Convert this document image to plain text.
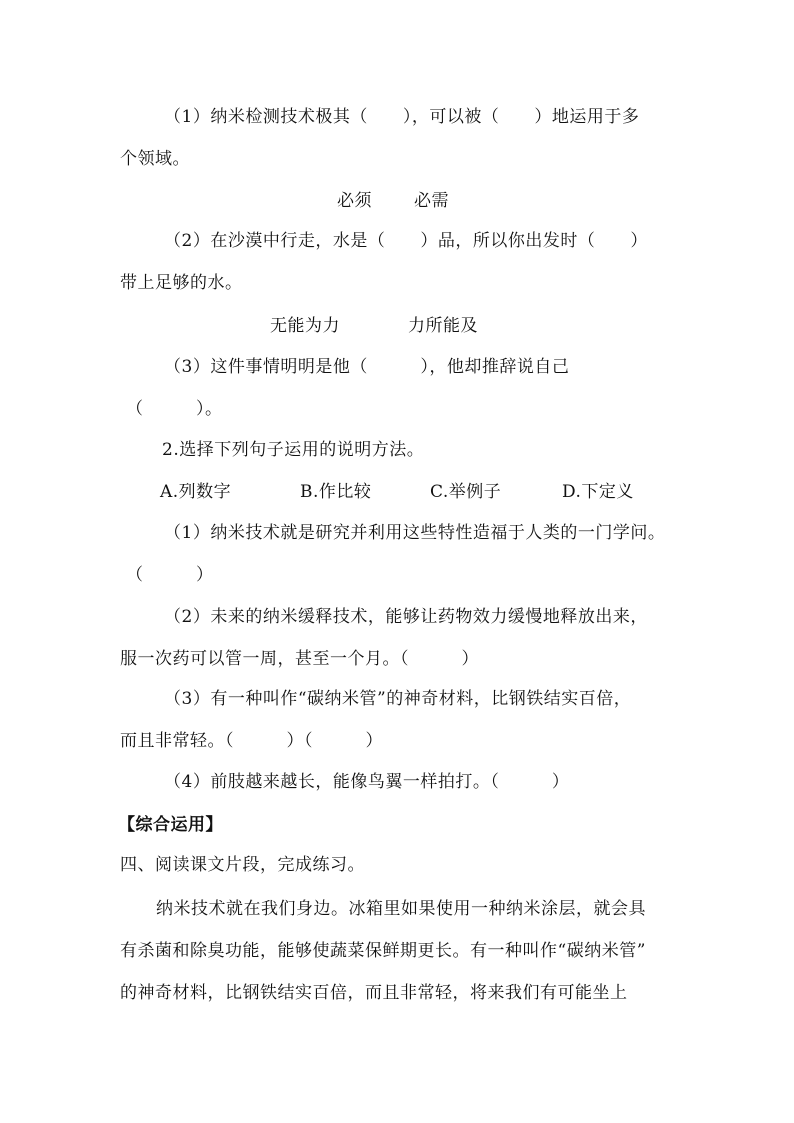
（1）纳米检测技术极其（　　），可以被（　　）地运用于多
个领域。
必须 必需
（2）在沙漠中行走，水是（　　）品，所以你出发时（　　）
带上足够的水。
无能为力	力所能及
（3）这件事情明明是他（　　　），他却推辞说自己
（　　　）。
2.选择下列句子运用的说明方法。
A.列数字	B.作比较	C.举例子	D.下定义
（1）纳米技术就是研究并利用这些特性造福于人类的一门学问。
（　　　）
（2）未来的纳米缓释技术，能够让药物效力缓慢地释放出来，
服一次药可以管一周，甚至一个月。（　　　）
（3）有一种叫作“碳纳米管”的神奇材料，比钢铁结实百倍，
而且非常轻。（　　　）（　　　）
（4）前肢越来越长，能像鸟翼一样拍打。（　　　）
【综合运用】
四、阅读课文片段，完成练习。
纳米技术就在我们身边。冰箱里如果使用一种纳米涂层，就会具
有杀菌和除臭功能，能够使蔬菜保鲜期更长。有一种叫作“碳纳米管”
的神奇材料，比钢铁结实百倍，而且非常轻，将来我们有可能坐上
